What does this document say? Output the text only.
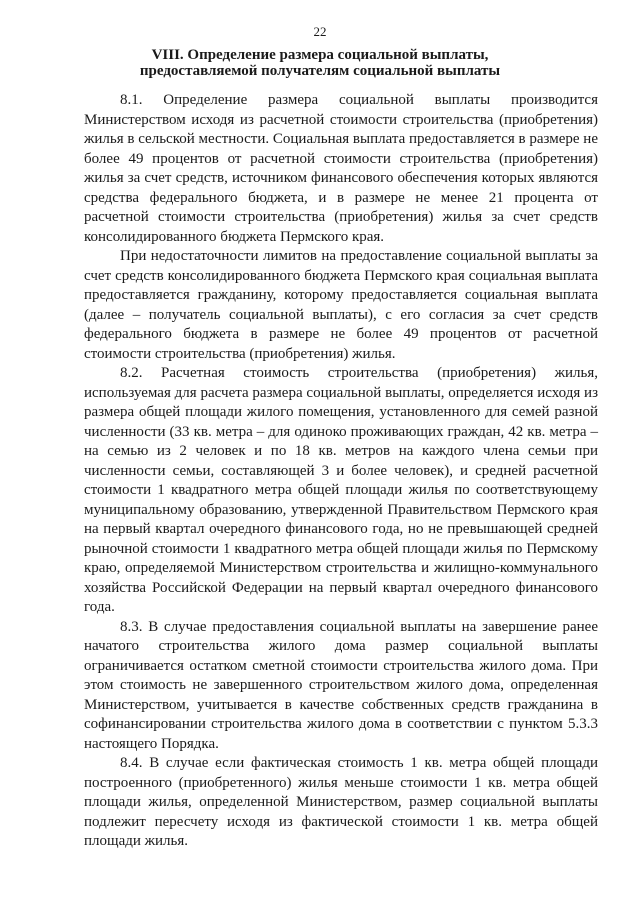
22
VIII. Определение размера социальной выплаты,
предоставляемой получателям социальной выплаты

8.1. Определение размера социальной выплаты производится Министерством исходя из расчетной стоимости строительства (приобретения) жилья в сельской местности. Социальная выплата предоставляется в размере не более 49 процентов от расчетной стоимости строительства (приобретения) жилья за счет средств, источником финансового обеспечения которых являются средства федерального бюджета, и в размере не менее 21 процента от расчетной стоимости строительства (приобретения) жилья за счет средств консолидированного бюджета Пермского края.

При недостаточности лимитов на предоставление социальной выплаты за счет средств консолидированного бюджета Пермского края социальная выплата предоставляется гражданину, которому предоставляется социальная выплата (далее – получатель социальной выплаты), с его согласия за счет средств федерального бюджета в размере не более 49 процентов от расчетной стоимости строительства (приобретения) жилья.

8.2. Расчетная стоимость строительства (приобретения) жилья, используемая для расчета размера социальной выплаты, определяется исходя из размера общей площади жилого помещения, установленного для семей разной численности (33 кв. метра – для одиноко проживающих граждан, 42 кв. метра – на семью из 2 человек и по 18 кв. метров на каждого члена семьи при численности семьи, составляющей 3 и более человек), и средней расчетной стоимости 1 квадратного метра общей площади жилья по соответствующему муниципальному образованию, утвержденной Правительством Пермского края на первый квартал очередного финансового года, но не превышающей средней рыночной стоимости 1 квадратного метра общей площади жилья по Пермскому краю, определяемой Министерством строительства и жилищно-коммунального хозяйства Российской Федерации на первый квартал очередного финансового года.

8.3. В случае предоставления социальной выплаты на завершение ранее начатого строительства жилого дома размер социальной выплаты ограничивается остатком сметной стоимости строительства жилого дома. При этом стоимость не завершенного строительством жилого дома, определенная Министерством, учитывается в качестве собственных средств гражданина в софинансировании строительства жилого дома в соответствии с пунктом 5.3.3 настоящего Порядка.

8.4. В случае если фактическая стоимость 1 кв. метра общей площади построенного (приобретенного) жилья меньше стоимости 1 кв. метра общей площади жилья, определенной Министерством, размер социальной выплаты подлежит пересчету исходя из фактической стоимости 1 кв. метра общей площади жилья.
